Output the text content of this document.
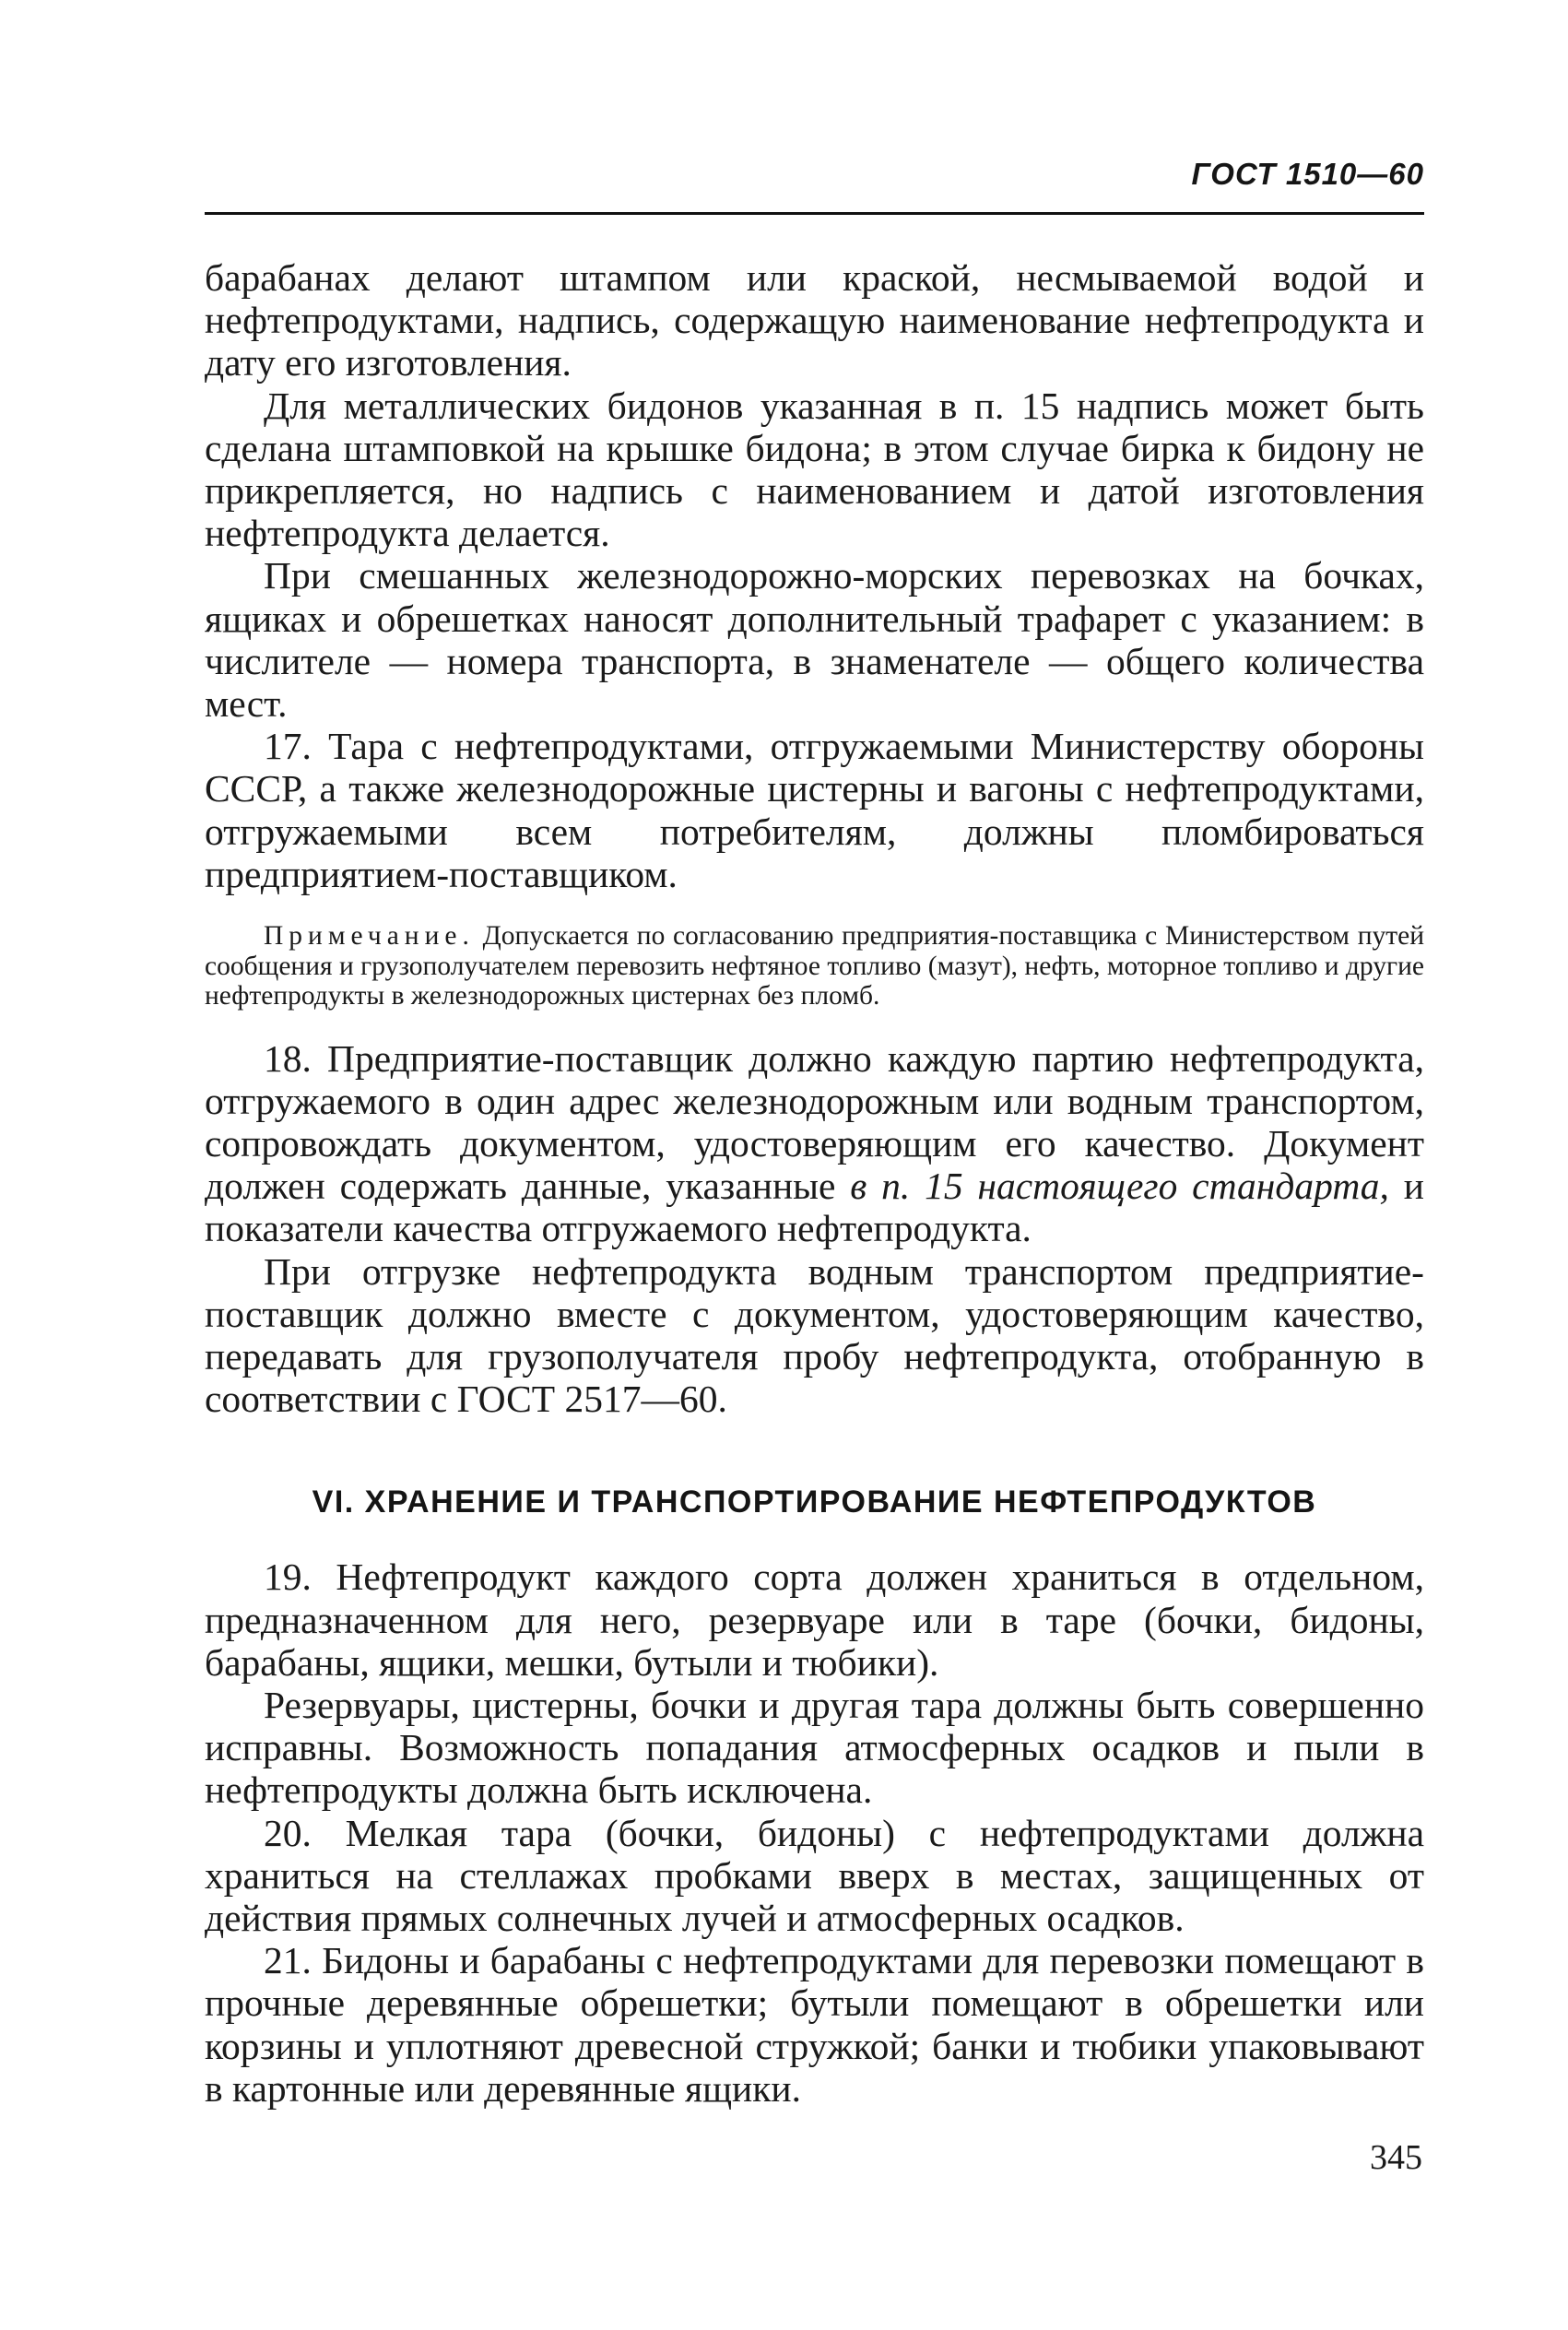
ГОСТ 1510—60

барабанах делают штампом или краской, несмываемой водой и нефтепродуктами, надпись, содержащую наименование нефтепродукта и дату его изготовления.

Для металлических бидонов указанная в п. 15 надпись может быть сделана штамповкой на крышке бидона; в этом случае бирка к бидону не прикрепляется, но надпись с наименованием и датой изготовления нефтепродукта делается.

При смешанных железнодорожно-морских перевозках на бочках, ящиках и обрешетках наносят дополнительный трафарет с указанием: в числителе — номера транспорта, в знаменателе — общего количества мест.

17. Тара с нефтепродуктами, отгружаемыми Министерству обороны СССР, а также железнодорожные цистерны и вагоны с нефтепродуктами, отгружаемыми всем потребителям, должны пломбироваться предприятием-поставщиком.

Примечание. Допускается по согласованию предприятия-поставщика с Министерством путей сообщения и грузополучателем перевозить нефтяное топливо (мазут), нефть, моторное топливо и другие нефтепродукты в железнодорожных цистернах без пломб.

18. Предприятие-поставщик должно каждую партию нефтепродукта, отгружаемого в один адрес железнодорожным или водным транспортом, сопровождать документом, удостоверяющим его качество. Документ должен содержать данные, указанные в п. 15 настоящего стандарта, и показатели качества отгружаемого нефтепродукта.

При отгрузке нефтепродукта водным транспортом предприятие-поставщик должно вместе с документом, удостоверяющим качество, передавать для грузополучателя пробу нефтепродукта, отобранную в соответствии с ГОСТ 2517—60.

VI. ХРАНЕНИЕ И ТРАНСПОРТИРОВАНИЕ НЕФТЕПРОДУКТОВ

19. Нефтепродукт каждого сорта должен храниться в отдельном, предназначенном для него, резервуаре или в таре (бочки, бидоны, барабаны, ящики, мешки, бутыли и тюбики).

Резервуары, цистерны, бочки и другая тара должны быть совершенно исправны. Возможность попадания атмосферных осадков и пыли в нефтепродукты должна быть исключена.

20. Мелкая тара (бочки, бидоны) с нефтепродуктами должна храниться на стеллажах пробками вверх в местах, защищенных от действия прямых солнечных лучей и атмосферных осадков.

21. Бидоны и барабаны с нефтепродуктами для перевозки помещают в прочные деревянные обрешетки; бутыли помещают в обрешетки или корзины и уплотняют древесной стружкой; банки и тюбики упаковывают в картонные или деревянные ящики.

345
